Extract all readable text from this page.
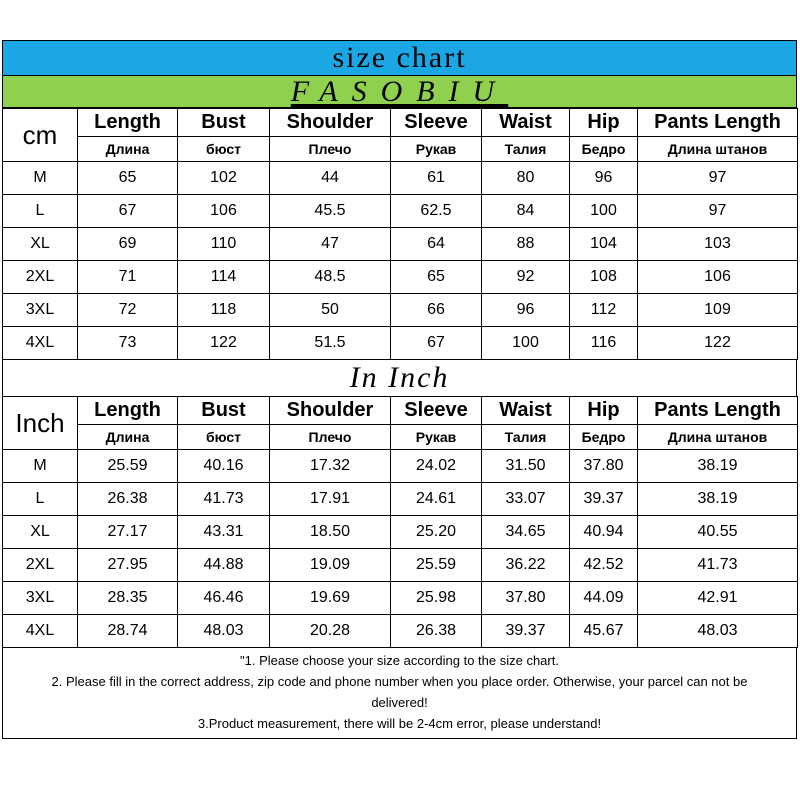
size chart
FASOBIU
cm	Length	Bust	Shoulder	Sleeve	Waist	Hip	Pants Length
	Длина	бюст	Плечо	Рукав	Талия	Бедро	Длина штанов
M	65	102	44	61	80	96	97
L	67	106	45.5	62.5	84	100	97
XL	69	110	47	64	88	104	103
2XL	71	114	48.5	65	92	108	106
3XL	72	118	50	66	96	112	109
4XL	73	122	51.5	67	100	116	122
In Inch
Inch	Length	Bust	Shoulder	Sleeve	Waist	Hip	Pants Length
	Длина	бюст	Плечо	Рукав	Талия	Бедро	Длина штанов
M	25.59	40.16	17.32	24.02	31.50	37.80	38.19
L	26.38	41.73	17.91	24.61	33.07	39.37	38.19
XL	27.17	43.31	18.50	25.20	34.65	40.94	40.55
2XL	27.95	44.88	19.09	25.59	36.22	42.52	41.73
3XL	28.35	46.46	19.69	25.98	37.80	44.09	42.91
4XL	28.74	48.03	20.28	26.38	39.37	45.67	48.03
"1. Please choose your size according to the size chart.
2. Please fill in the correct address, zip code and phone number when you place order. Otherwise, your parcel can not be delivered!
3.Product measurement, there will be 2-4cm error, please understand!
